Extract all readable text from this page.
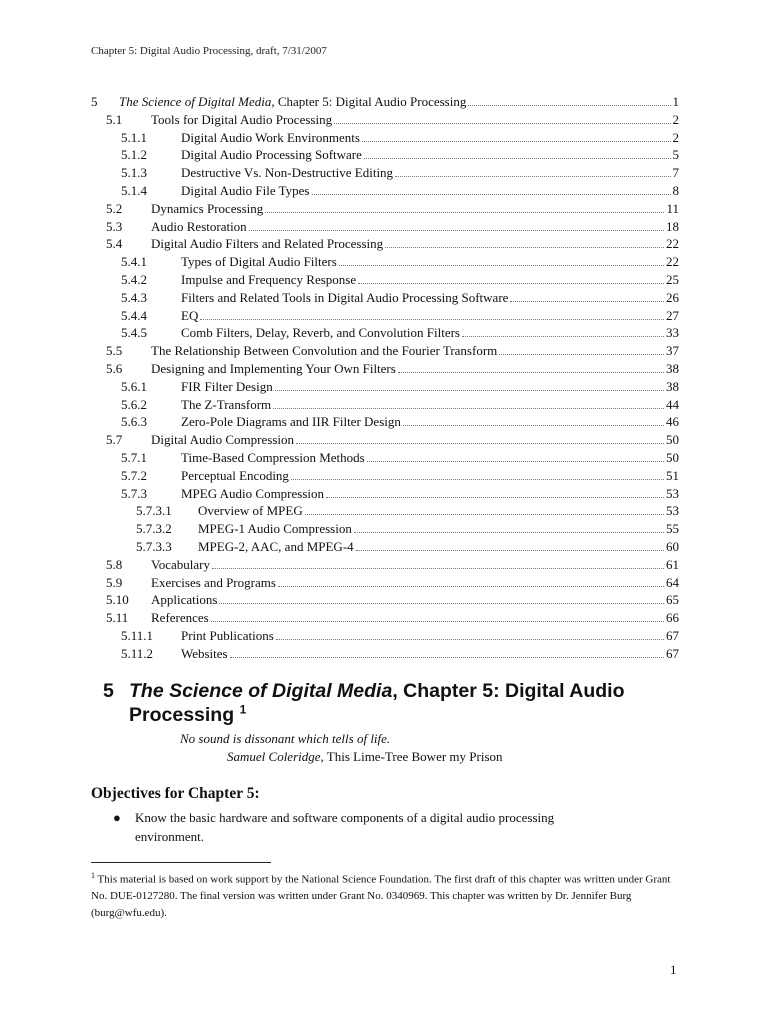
Chapter 5: Digital Audio Processing, draft, 7/31/2007
5	The Science of Digital Media, Chapter 5: Digital Audio Processing	1
5.1	Tools for Digital Audio Processing	2
5.1.1	Digital Audio Work Environments	2
5.1.2	Digital Audio Processing Software	5
5.1.3	Destructive Vs. Non-Destructive Editing	7
5.1.4	Digital Audio File Types	8
5.2	Dynamics Processing	11
5.3	Audio Restoration	18
5.4	Digital Audio Filters and Related Processing	22
5.4.1	Types of Digital Audio Filters	22
5.4.2	Impulse and Frequency Response	25
5.4.3	Filters and Related Tools in Digital Audio Processing Software	26
5.4.4	EQ	27
5.4.5	Comb Filters, Delay, Reverb, and Convolution Filters	33
5.5	The Relationship Between Convolution and the Fourier Transform	37
5.6	Designing and Implementing Your Own Filters	38
5.6.1	FIR Filter Design	38
5.6.2	The Z-Transform	44
5.6.3	Zero-Pole Diagrams and IIR Filter Design	46
5.7	Digital Audio Compression	50
5.7.1	Time-Based Compression Methods	50
5.7.2	Perceptual Encoding	51
5.7.3	MPEG Audio Compression	53
5.7.3.1	Overview of MPEG	53
5.7.3.2	MPEG-1 Audio Compression	55
5.7.3.3	MPEG-2, AAC, and MPEG-4	60
5.8	Vocabulary	61
5.9	Exercises and Programs	64
5.10	Applications	65
5.11	References	66
5.11.1	Print Publications	67
5.11.2	Websites	67
5 The Science of Digital Media, Chapter 5: Digital Audio Processing $^1$
No sound is dissonant which tells of life.
Samuel Coleridge, This Lime-Tree Bower my Prison
Objectives for Chapter 5:
● Know the basic hardware and software components of a digital audio processing environment.
$^1$ This material is based on work support by the National Science Foundation. The first draft of this chapter was written under Grant No. DUE-0127280. The final version was written under Grant No. 0340969. This chapter was written by Dr. Jennifer Burg (burg@wfu.edu).
1
